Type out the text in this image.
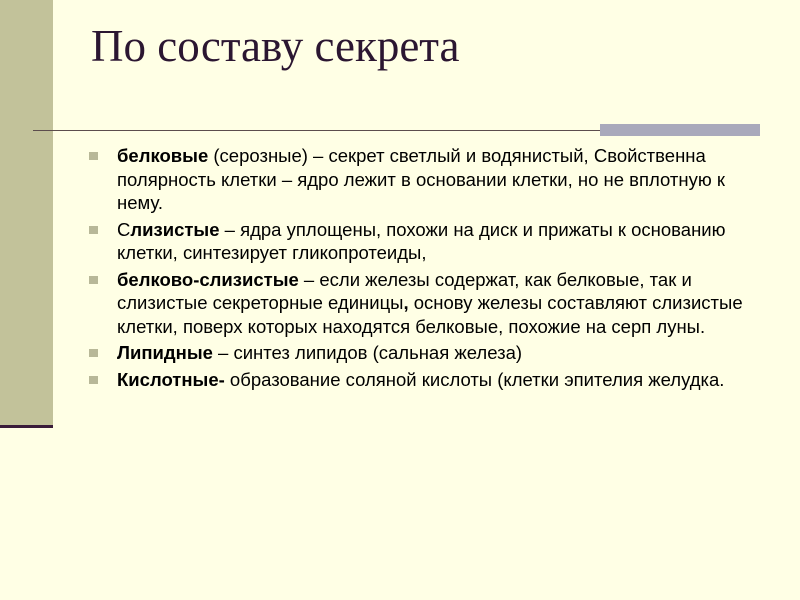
По составу секрета
белковые (серозные) – секрет светлый и водянистый, Свойственна полярность клетки – ядро лежит в основании клетки, но не вплотную к нему.
Слизистые – ядра уплощены, похожи на диск и прижаты к основанию клетки, синтезирует гликопротеиды,
белково-слизистые – если железы содержат, как белковые, так и слизистые секреторные единицы, основу железы составляют слизистые клетки, поверх которых находятся белковые, похожие на серп луны.
Липидные – синтез липидов (сальная железа)
Кислотные- образование соляной кислоты (клетки эпителия желудка.
